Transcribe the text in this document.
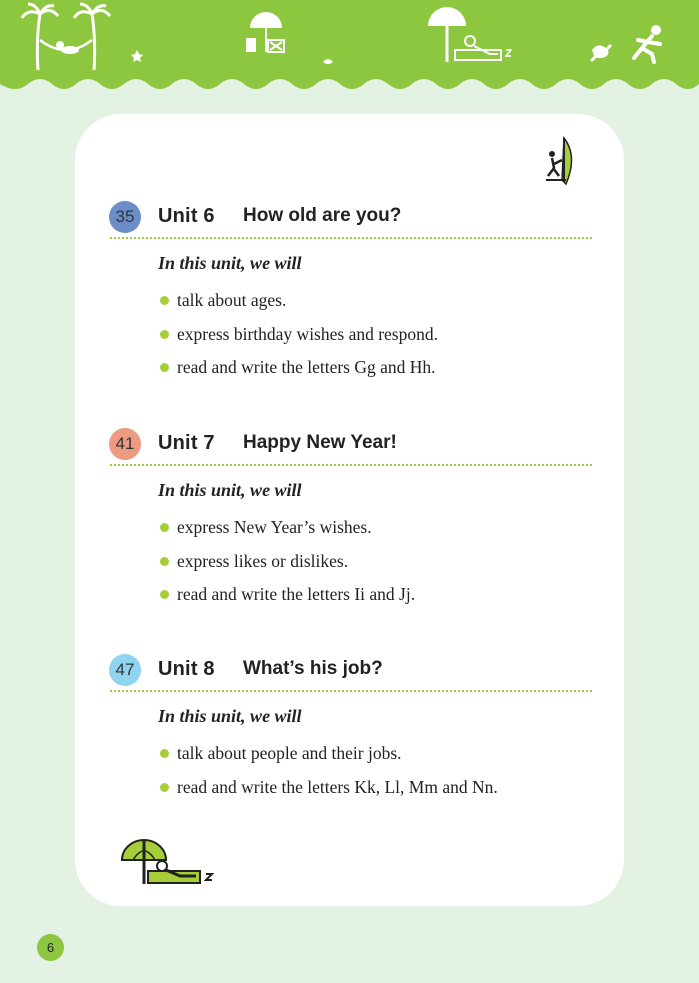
35	Unit 6 How old are you?
In this unit, we will
talk about ages.
express birthday wishes and respond.
read and write the letters Gg and Hh.
41	Unit 7 Happy New Year!
In this unit, we will
express New Year’s wishes.
express likes or dislikes.
read and write the letters Ii and Jj.
47	Unit 8 What’s his job?
In this unit, we will
talk about people and their jobs.
read and write the letters Kk, Ll, Mm and Nn.
6
